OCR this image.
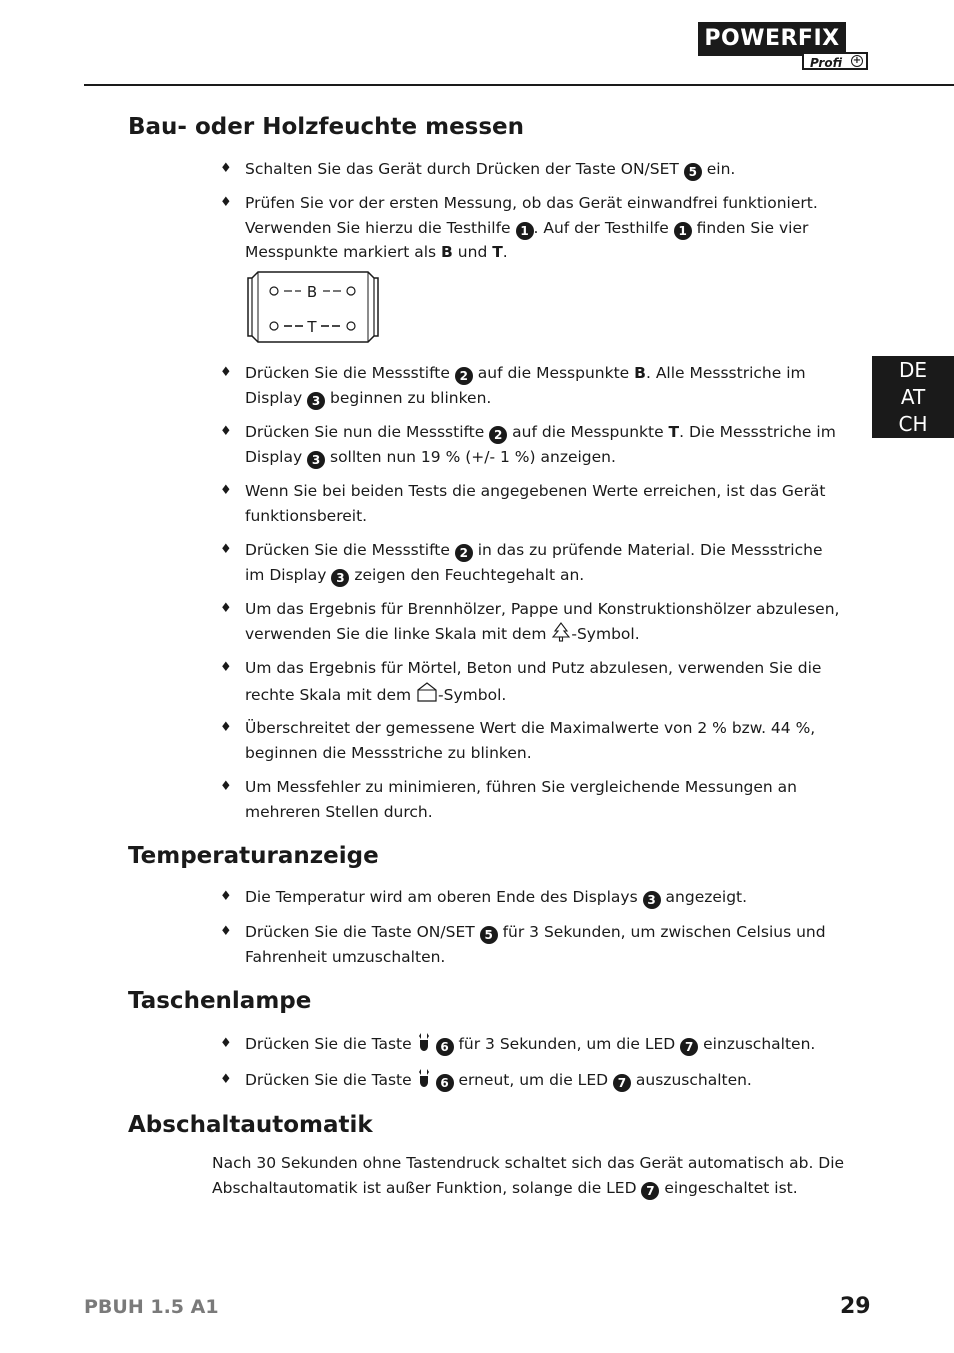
POWERFIX
®
Profi +
DE
AT
CH
Bau- oder Holzfeuchte messen
♦ Schalten Sie das Gerät durch Drücken der Taste ON/SET 5 ein.
♦ Prüfen Sie vor der ersten Messung, ob das Gerät einwandfrei funktioniert. Verwenden Sie hierzu die Testhilfe 1 . Auf der Testhilfe 1 finden Sie vier Messpunkte markiert als B und T.
B
T
♦ Drücken Sie die Messstifte 2 auf die Messpunkte B. Alle Messstriche im Display 3 beginnen zu blinken.
♦ Drücken Sie nun die Messstifte 2 auf die Messpunkte T. Die Messstriche im Display 3 sollten nun 19 % (+/- 1 %) anzeigen.
♦ Wenn Sie bei beiden Tests die angegebenen Werte erreichen, ist das Gerät funktionsbereit.
♦ Drücken Sie die Messstifte 2 in das zu prüfende Material. Die Messstriche im Display 3 zeigen den Feuchtegehalt an.
♦ Um das Ergebnis für Brennhölzer, Pappe und Konstruktionshölzer abzulesen, verwenden Sie die linke Skala mit dem -Symbol.
♦ Um das Ergebnis für Mörtel, Beton und Putz abzulesen, verwenden Sie die rechte Skala mit dem -Symbol.
♦ Überschreitet der gemessene Wert die Maximalwerte von 2 % bzw. 44 %, beginnen die Messstriche zu blinken.
♦ Um Messfehler zu minimieren, führen Sie vergleichende Messungen an mehreren Stellen durch.
Temperaturanzeige
♦ Die Temperatur wird am oberen Ende des Displays 3 angezeigt.
♦ Drücken Sie die Taste ON/SET 5 für 3 Sekunden, um zwischen Celsius und Fahrenheit umzuschalten.
Taschenlampe
♦ Drücken Sie die Taste  6 für 3 Sekunden, um die LED 7 einzuschalten.
♦ Drücken Sie die Taste  6 erneut, um die LED 7 auszuschalten.
Abschaltautomatik
Nach 30 Sekunden ohne Tastendruck schaltet sich das Gerät automatisch ab. Die Abschaltautomatik ist außer Funktion, solange die LED 7 eingeschaltet ist.
PBUH 1.5 A1	29
